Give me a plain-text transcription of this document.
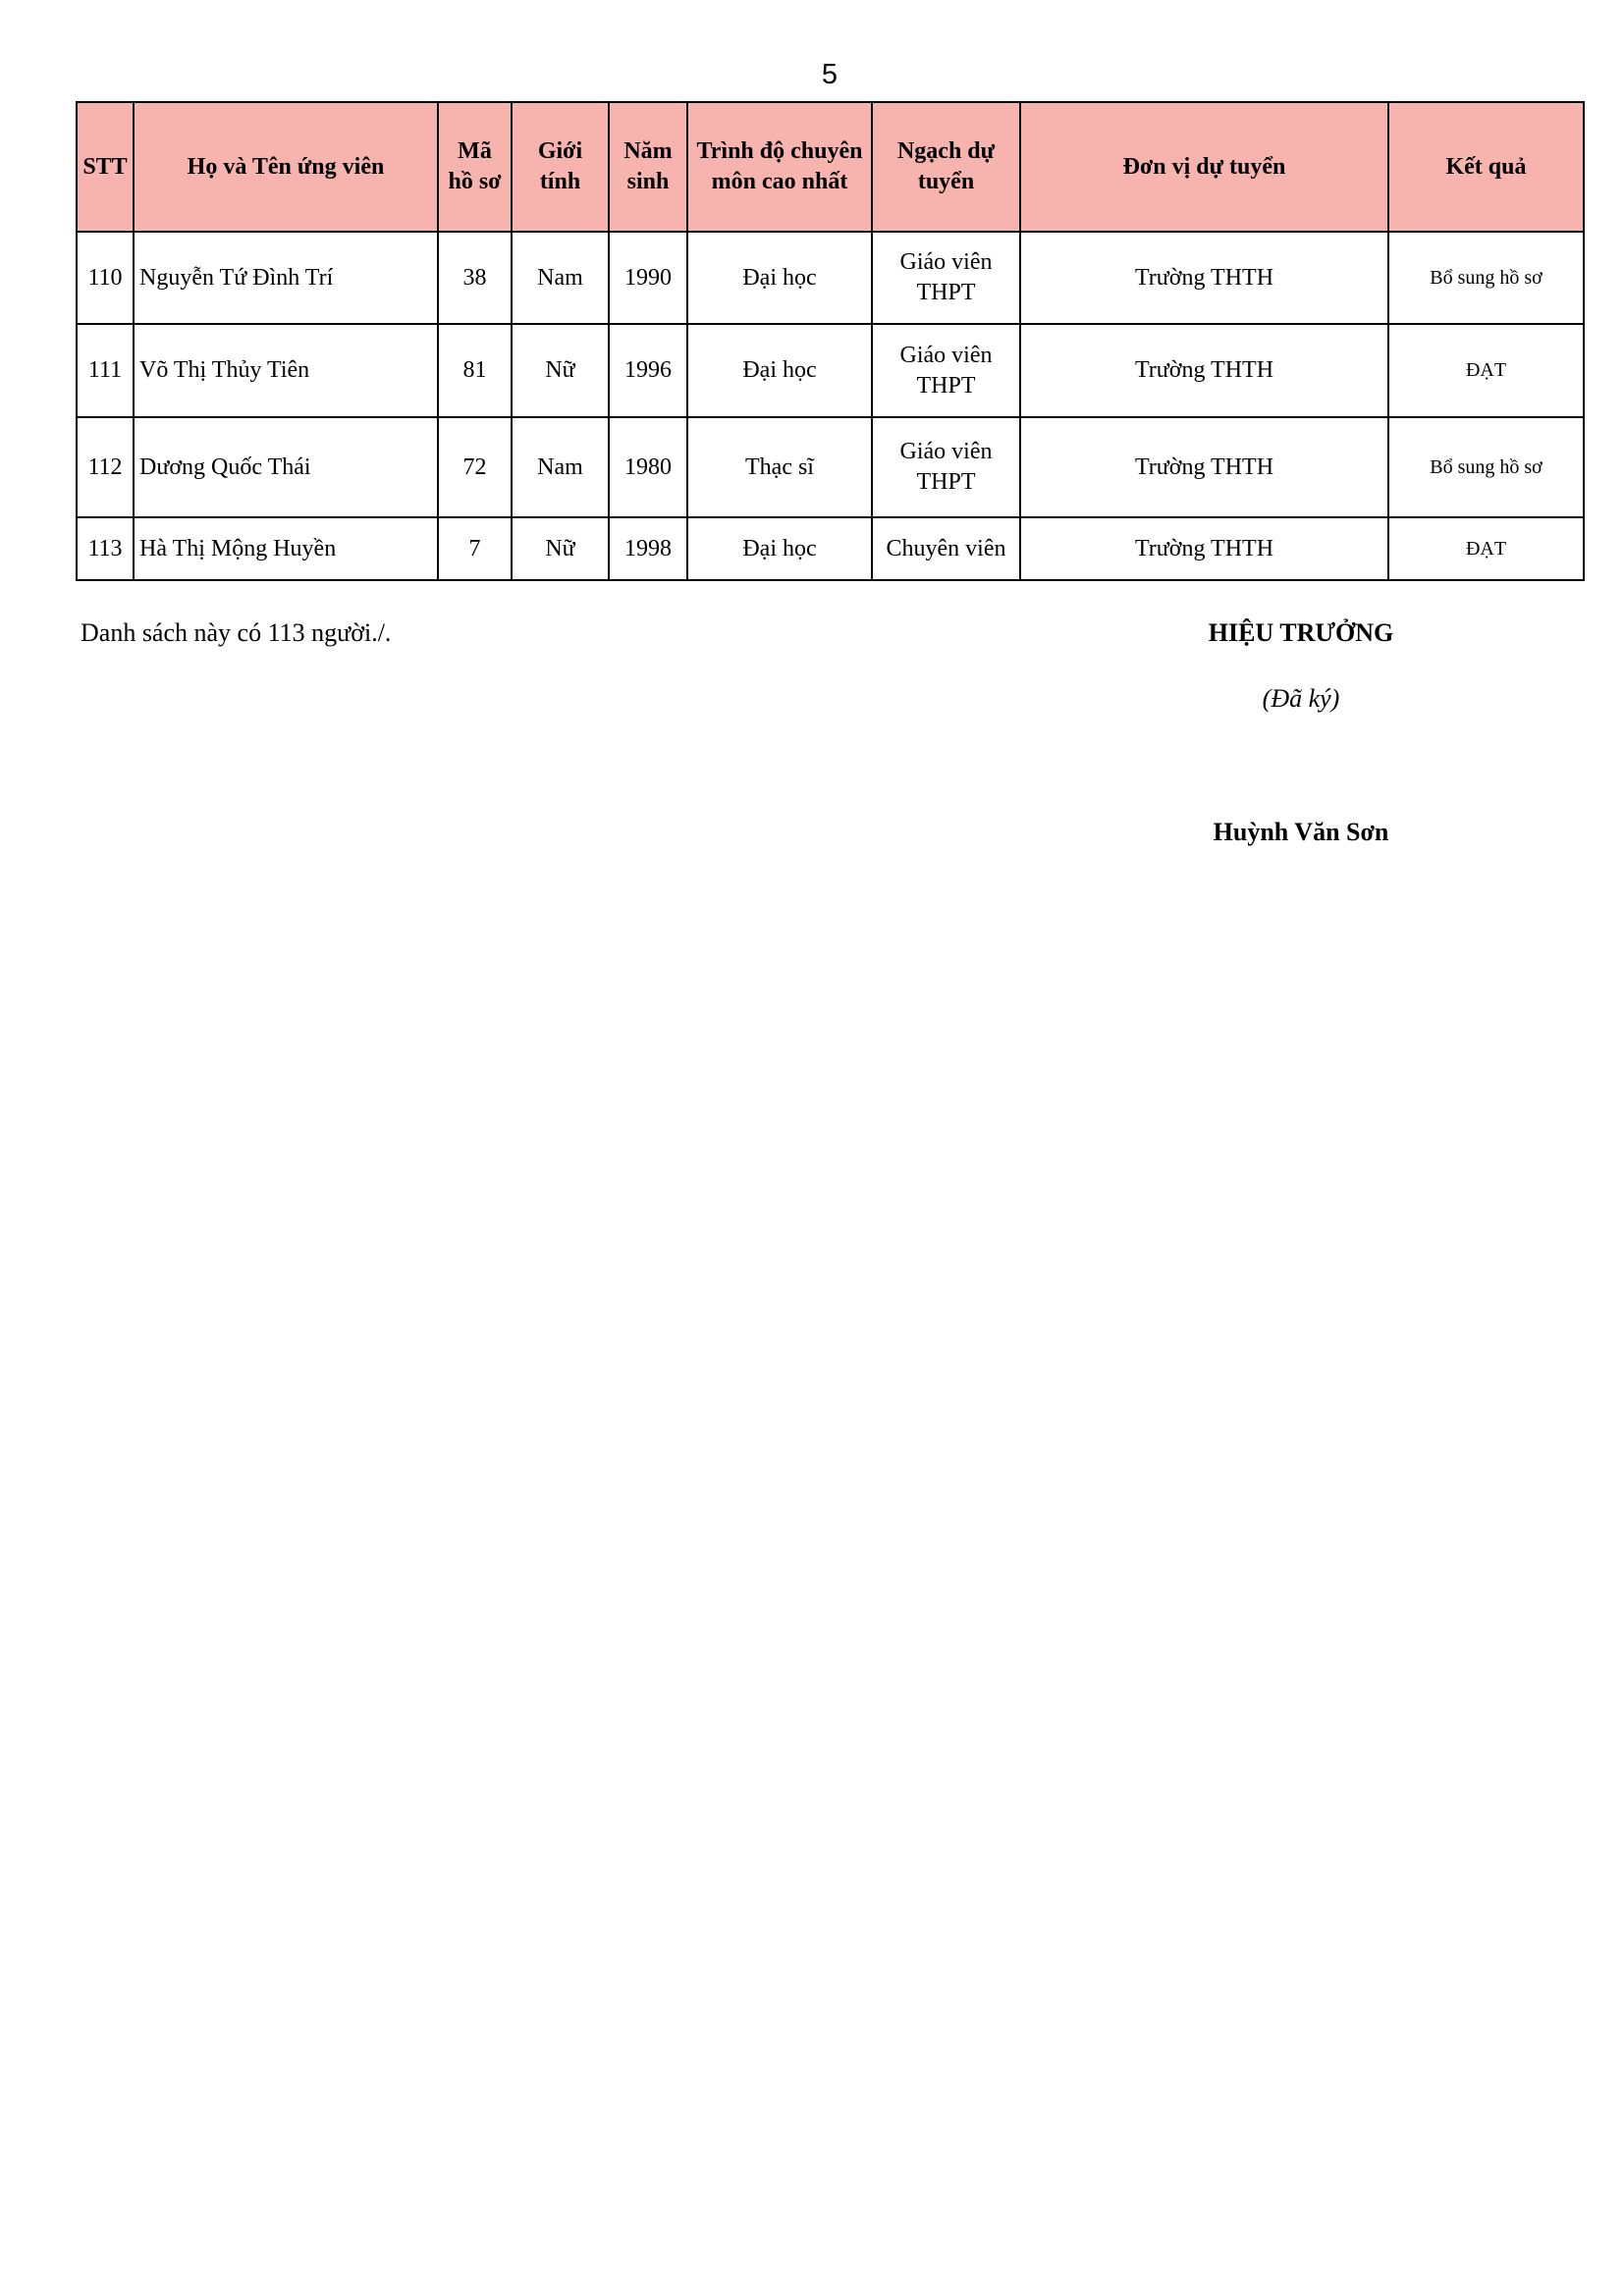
5
STT	Họ và Tên ứng viên	Mã hồ sơ	Giới tính	Năm sinh	Trình độ chuyên môn cao nhất	Ngạch dự tuyển	Đơn vị dự tuyển	Kết quả
110	Nguyễn Tứ Đình Trí	38	Nam	1990	Đại học	Giáo viên THPT	Trường THTH	Bổ sung hồ sơ
111	Võ Thị Thủy Tiên	81	Nữ	1996	Đại học	Giáo viên THPT	Trường THTH	ĐẠT
112	Dương Quốc Thái	72	Nam	1980	Thạc sĩ	Giáo viên THPT	Trường THTH	Bổ sung hồ sơ
113	Hà Thị Mộng Huyền	7	Nữ	1998	Đại học	Chuyên viên	Trường THTH	ĐẠT
Danh sách này có 113 người./.	HIỆU TRƯỞNG
(Đã ký)
Huỳnh Văn Sơn
